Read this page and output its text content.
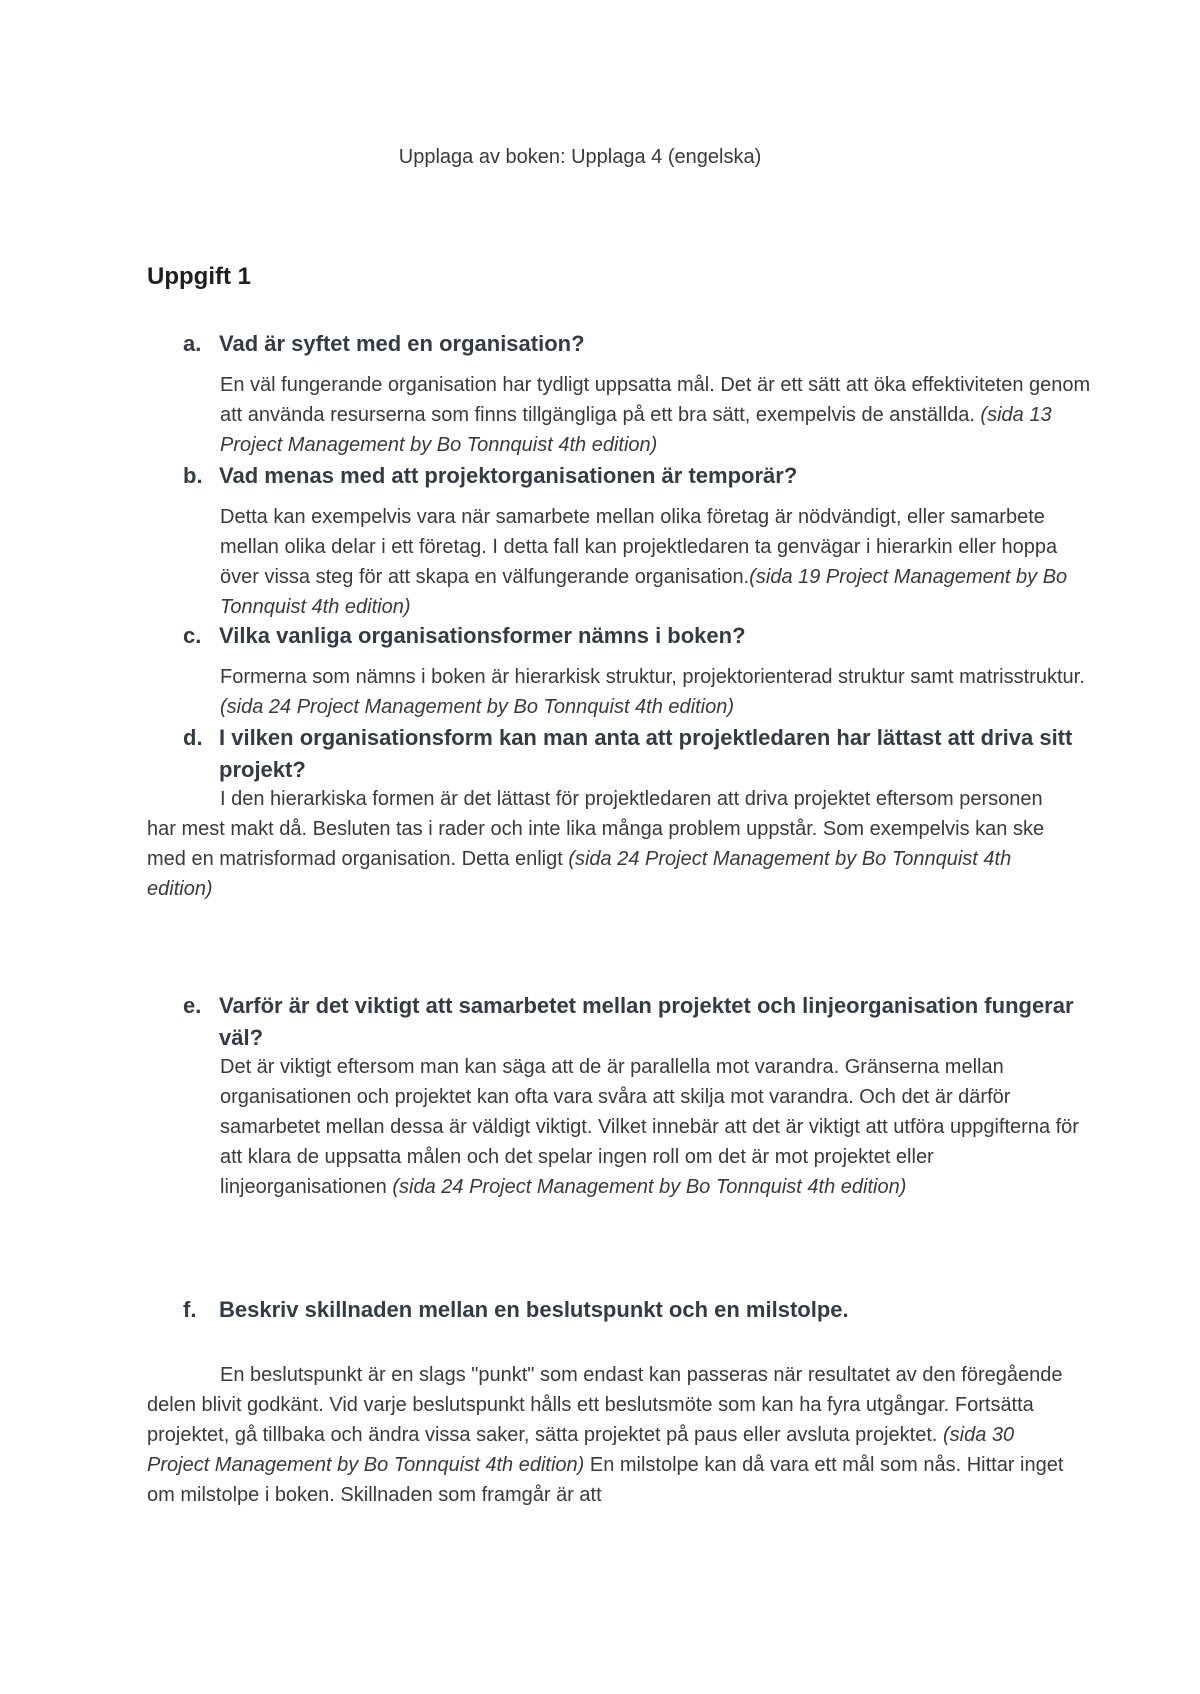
Upplaga av boken: Upplaga 4 (engelska)
Uppgift 1
a. Vad är syftet med en organisation?
En väl fungerande organisation har tydligt uppsatta mål. Det är ett sätt att öka effektiviteten genom att använda resurserna som finns tillgängliga på ett bra sätt, exempelvis de anställda. (sida 13 Project Management by Bo Tonnquist 4th edition)
b. Vad menas med att projektorganisationen är temporär?
Detta kan exempelvis vara när samarbete mellan olika företag är nödvändigt, eller samarbete mellan olika delar i ett företag. I detta fall kan projektledaren ta genvägar i hierarkin eller hoppa över vissa steg för att skapa en välfungerande organisation.(sida 19 Project Management by Bo Tonnquist 4th edition)
c. Vilka vanliga organisationsformer nämns i boken?
Formerna som nämns i boken är hierarkisk struktur, projektorienterad struktur samt matrisstruktur. (sida 24 Project Management by Bo Tonnquist 4th edition)
d. I vilken organisationsform kan man anta att projektledaren har lättast att driva sitt projekt?
I den hierarkiska formen är det lättast för projektledaren att driva projektet eftersom personen har mest makt då. Besluten tas i rader och inte lika många problem uppstår. Som exempelvis kan ske med en matrisformad organisation. Detta enligt (sida 24 Project Management by Bo Tonnquist 4th edition)
e. Varför är det viktigt att samarbetet mellan projektet och linjeorganisation fungerar väl?
Det är viktigt eftersom man kan säga att de är parallella mot varandra. Gränserna mellan organisationen och projektet kan ofta vara svåra att skilja mot varandra. Och det är därför samarbetet mellan dessa är väldigt viktigt. Vilket innebär att det är viktigt att utföra uppgifterna för att klara de uppsatta målen och det spelar ingen roll om det är mot projektet eller linjeorganisationen (sida 24 Project Management by Bo Tonnquist 4th edition)
f. Beskriv skillnaden mellan en beslutspunkt och en milstolpe.
En beslutspunkt är en slags "punkt" som endast kan passeras när resultatet av den föregående delen blivit godkänt. Vid varje beslutspunkt hålls ett beslutsmöte som kan ha fyra utgångar. Fortsätta projektet, gå tillbaka och ändra vissa saker, sätta projektet på paus eller avsluta projektet. (sida 30 Project Management by Bo Tonnquist 4th edition) En milstolpe kan då vara ett mål som nås. Hittar inget om milstolpe i boken. Skillnaden som framgår är att
